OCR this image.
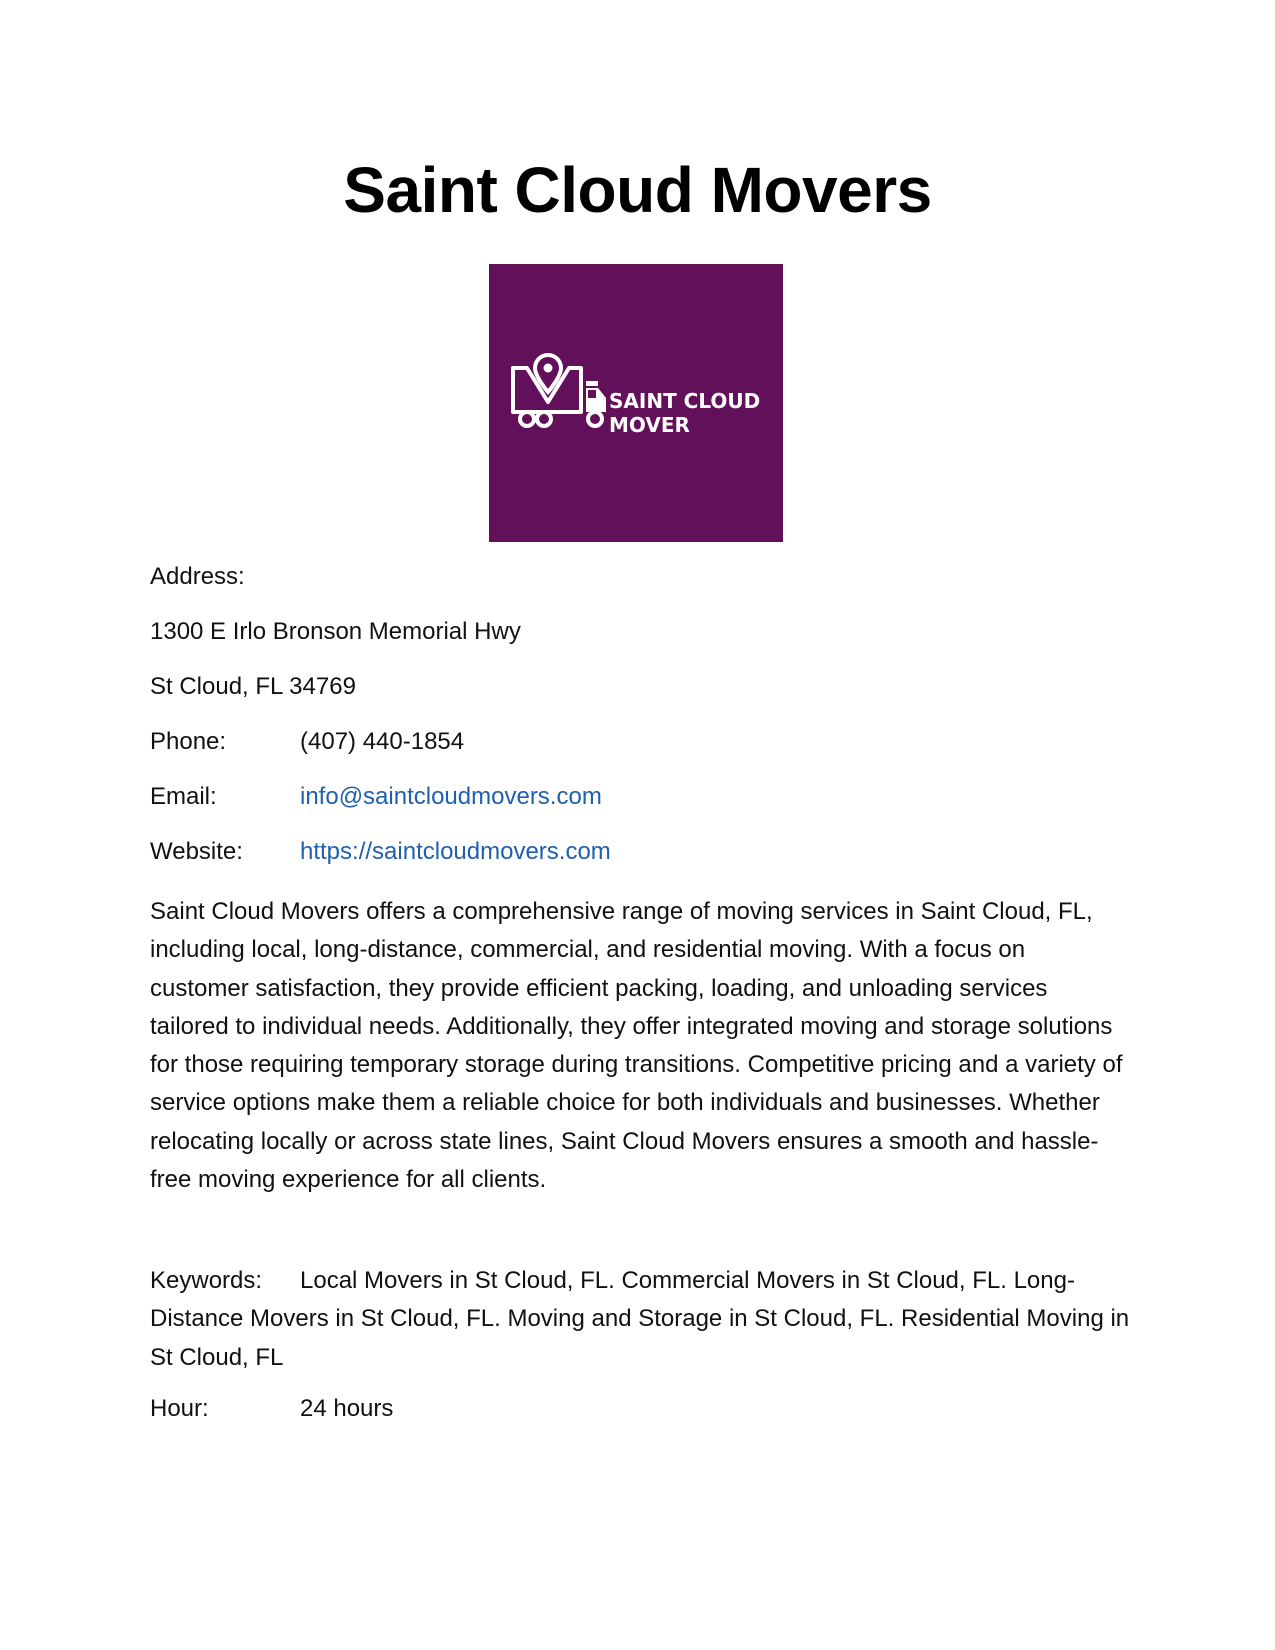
Saint Cloud Movers
SAINT CLOUD
MOVER
Address:
1300 E Irlo Bronson Memorial Hwy
St Cloud, FL 34769
Phone:	(407) 440-1854
Email:	info@saintcloudmovers.com
Website: https://saintcloudmovers.com

Saint Cloud Movers offers a comprehensive range of moving services in Saint Cloud, FL, including local, long-distance, commercial, and residential moving. With a focus on customer satisfaction, they provide efficient packing, loading, and unloading services tailored to individual needs. Additionally, they offer integrated moving and storage solutions for those requiring temporary storage during transitions. Competitive pricing and a variety of service options make them a reliable choice for both individuals and businesses. Whether relocating locally or across state lines, Saint Cloud Movers ensures a smooth and hassle-free moving experience for all clients.

Keywords: Local Movers in St Cloud, FL. Commercial Movers in St Cloud, FL. Long-Distance Movers in St Cloud, FL. Moving and Storage in St Cloud, FL. Residential Moving in St Cloud, FL

Hour:	24 hours
